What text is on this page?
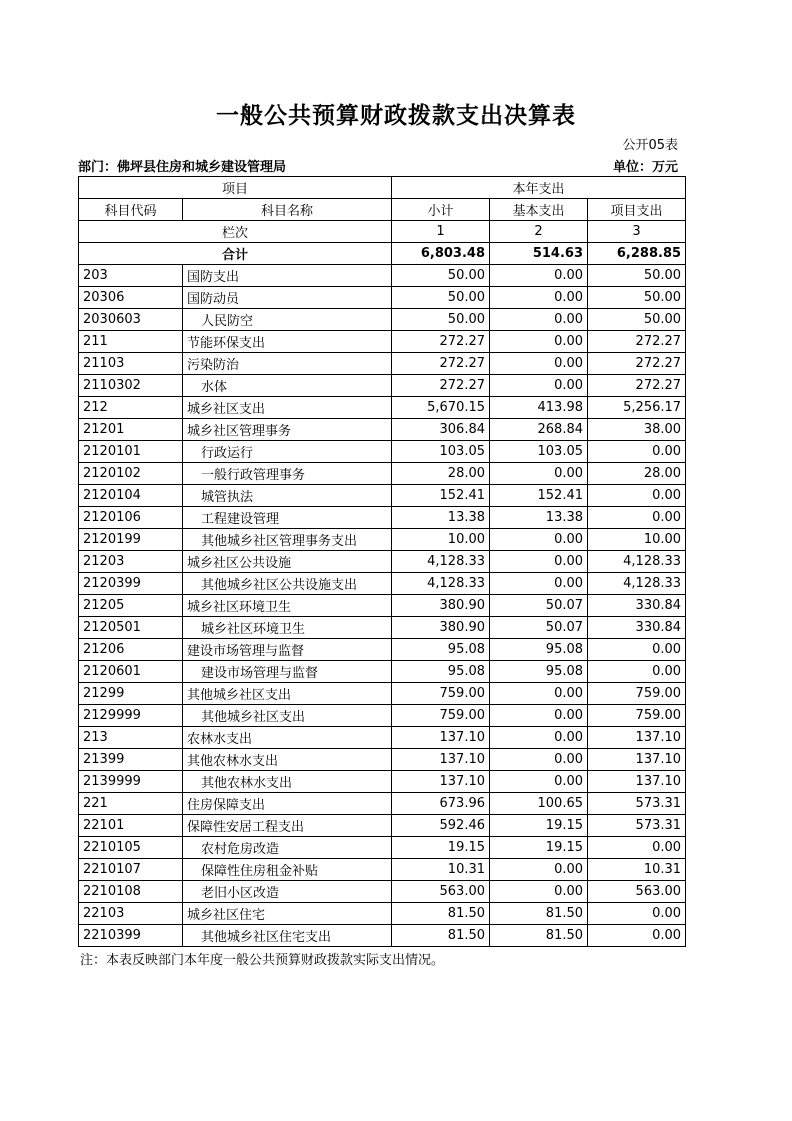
一般公共预算财政拨款支出决算表
公开05表
部门：佛坪县住房和城乡建设管理局	单位：万元
项目		本年支出		
科目代码	科目名称	小计	基本支出	项目支出
栏次		1	2	3
合计		6,803.48	514.63	6,288.85
203	国防支出	50.00	0.00	50.00
20306	国防动员	50.00	0.00	50.00
2030603	人民防空	50.00	0.00	50.00
211	节能环保支出	272.27	0.00	272.27
21103	污染防治	272.27	0.00	272.27
2110302	水体	272.27	0.00	272.27
212	城乡社区支出	5,670.15	413.98	5,256.17
21201	城乡社区管理事务	306.84	268.84	38.00
2120101	行政运行	103.05	103.05	0.00
2120102	一般行政管理事务	28.00	0.00	28.00
2120104	城管执法	152.41	152.41	0.00
2120106	工程建设管理	13.38	13.38	0.00
2120199	其他城乡社区管理事务支出	10.00	0.00	10.00
21203	城乡社区公共设施	4,128.33	0.00	4,128.33
2120399	其他城乡社区公共设施支出	4,128.33	0.00	4,128.33
21205	城乡社区环境卫生	380.90	50.07	330.84
2120501	城乡社区环境卫生	380.90	50.07	330.84
21206	建设市场管理与监督	95.08	95.08	0.00
2120601	建设市场管理与监督	95.08	95.08	0.00
21299	其他城乡社区支出	759.00	0.00	759.00
2129999	其他城乡社区支出	759.00	0.00	759.00
213	农林水支出	137.10	0.00	137.10
21399	其他农林水支出	137.10	0.00	137.10
2139999	其他农林水支出	137.10	0.00	137.10
221	住房保障支出	673.96	100.65	573.31
22101	保障性安居工程支出	592.46	19.15	573.31
2210105	农村危房改造	19.15	19.15	0.00
2210107	保障性住房租金补贴	10.31	0.00	10.31
2210108	老旧小区改造	563.00	0.00	563.00
22103	城乡社区住宅	81.50	81.50	0.00
2210399	其他城乡社区住宅支出	81.50	81.50	0.00
注：本表反映部门本年度一般公共预算财政拨款实际支出情况。
